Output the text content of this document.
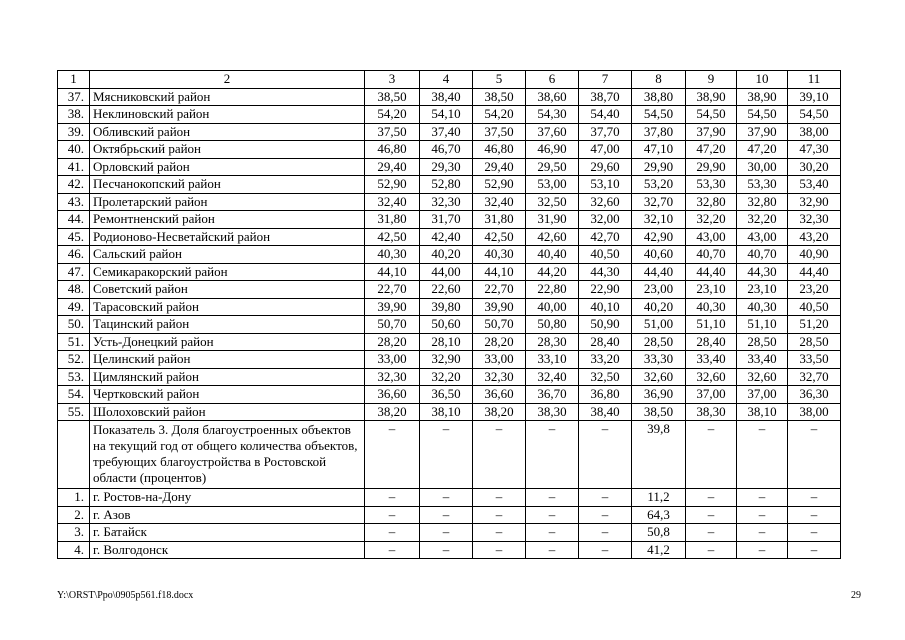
1	2	3	4	5	6	7	8	9	10	11
37.	Мясниковский район	38,50	38,40	38,50	38,60	38,70	38,80	38,90	38,90	39,10
38.	Неклиновский район	54,20	54,10	54,20	54,30	54,40	54,50	54,50	54,50	54,50
39.	Обливский район	37,50	37,40	37,50	37,60	37,70	37,80	37,90	37,90	38,00
40.	Октябрьский район	46,80	46,70	46,80	46,90	47,00	47,10	47,20	47,20	47,30
41.	Орловский район	29,40	29,30	29,40	29,50	29,60	29,90	29,90	30,00	30,20
42.	Песчанокопский район	52,90	52,80	52,90	53,00	53,10	53,20	53,30	53,30	53,40
43.	Пролетарский район	32,40	32,30	32,40	32,50	32,60	32,70	32,80	32,80	32,90
44.	Ремонтненский район	31,80	31,70	31,80	31,90	32,00	32,10	32,20	32,20	32,30
45.	Родионово-Несветайский район	42,50	42,40	42,50	42,60	42,70	42,90	43,00	43,00	43,20
46.	Сальский район	40,30	40,20	40,30	40,40	40,50	40,60	40,70	40,70	40,90
47.	Семикаракорский район	44,10	44,00	44,10	44,20	44,30	44,40	44,40	44,30	44,40
48.	Советский район	22,70	22,60	22,70	22,80	22,90	23,00	23,10	23,10	23,20
49.	Тарасовский район	39,90	39,80	39,90	40,00	40,10	40,20	40,30	40,30	40,50
50.	Тацинский район	50,70	50,60	50,70	50,80	50,90	51,00	51,10	51,10	51,20
51.	Усть-Донецкий район	28,20	28,10	28,20	28,30	28,40	28,50	28,40	28,50	28,50
52.	Целинский район	33,00	32,90	33,00	33,10	33,20	33,30	33,40	33,40	33,50
53.	Цимлянский район	32,30	32,20	32,30	32,40	32,50	32,60	32,60	32,60	32,70
54.	Чертковский район	36,60	36,50	36,60	36,70	36,80	36,90	37,00	37,00	36,30
55.	Шолоховский район	38,20	38,10	38,20	38,30	38,40	38,50	38,30	38,10	38,00
	Показатель 3. Доля благоустроенных объектов на текущий год от общего количества объектов, требующих благоустройства в Ростовской области (процентов)	–	–	–	–	–	39,8	–	–	–
1.	г. Ростов-на-Дону	–	–	–	–	–	11,2	–	–	–
2.	г. Азов	–	–	–	–	–	64,3	–	–	–
3.	г. Батайск	–	–	–	–	–	50,8	–	–	–
4.	г. Волгодонск	–	–	–	–	–	41,2	–	–	–
Y:\ORST\Ppo\0905p561.f18.docx	29
